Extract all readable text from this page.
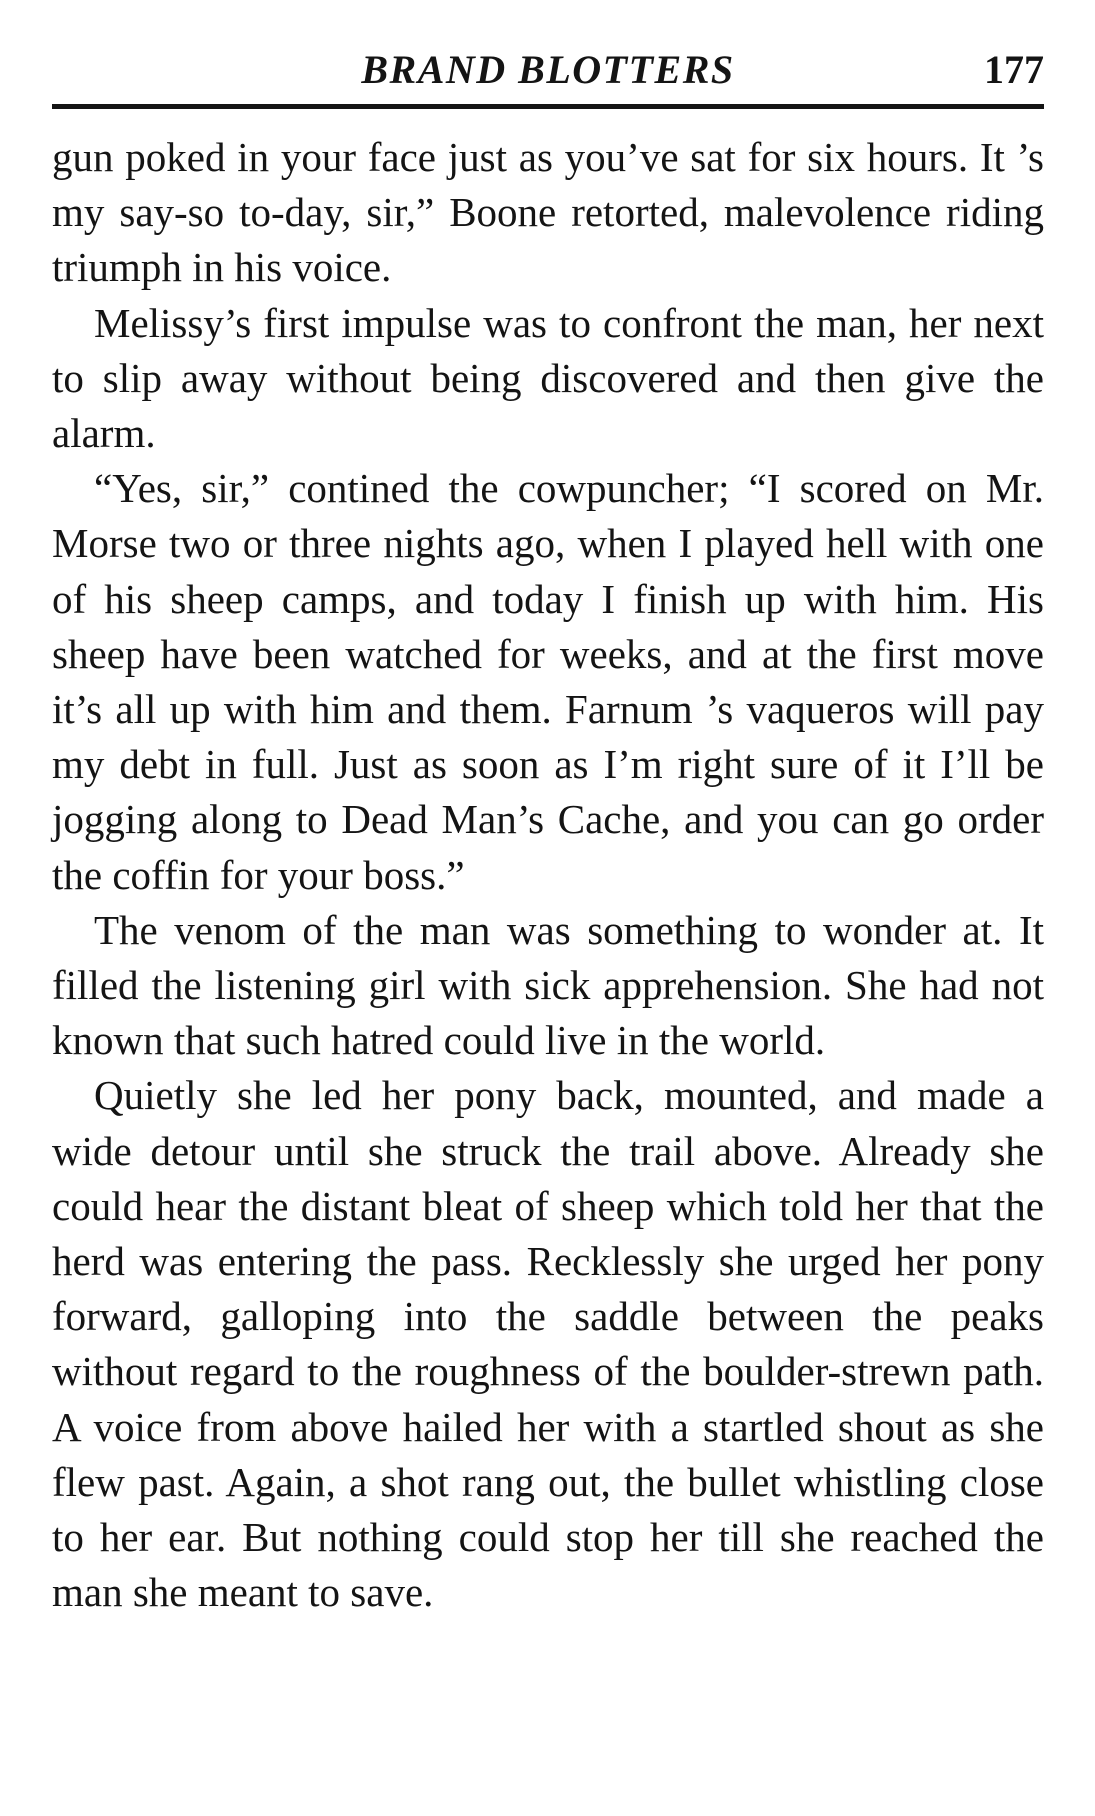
BRAND BLOTTERS	177

gun poked in your face just as you’ve sat for six hours. It ’s my say-so to-day, sir,” Boone retorted, malevolence riding triumph in his voice.

Melissy’s first impulse was to confront the man, her next to slip away without being discovered and then give the alarm.

“Yes, sir,” contined the cowpuncher; “I scored on Mr. Morse two or three nights ago, when I played hell with one of his sheep camps, and today I finish up with him. His sheep have been watched for weeks, and at the first move it’s all up with him and them. Farnum ’s vaqueros will pay my debt in full. Just as soon as I’m right sure of it I’ll be jogging along to Dead Man’s Cache, and you can go order the coffin for your boss.”

The venom of the man was something to wonder at. It filled the listening girl with sick apprehension. She had not known that such hatred could live in the world.

Quietly she led her pony back, mounted, and made a wide detour until she struck the trail above. Already she could hear the distant bleat of sheep which told her that the herd was entering the pass. Recklessly she urged her pony forward, galloping into the saddle between the peaks without regard to the roughness of the boulder-strewn path. A voice from above hailed her with a startled shout as she flew past. Again, a shot rang out, the bullet whistling close to her ear. But nothing could stop her till she reached the man she meant to save.
